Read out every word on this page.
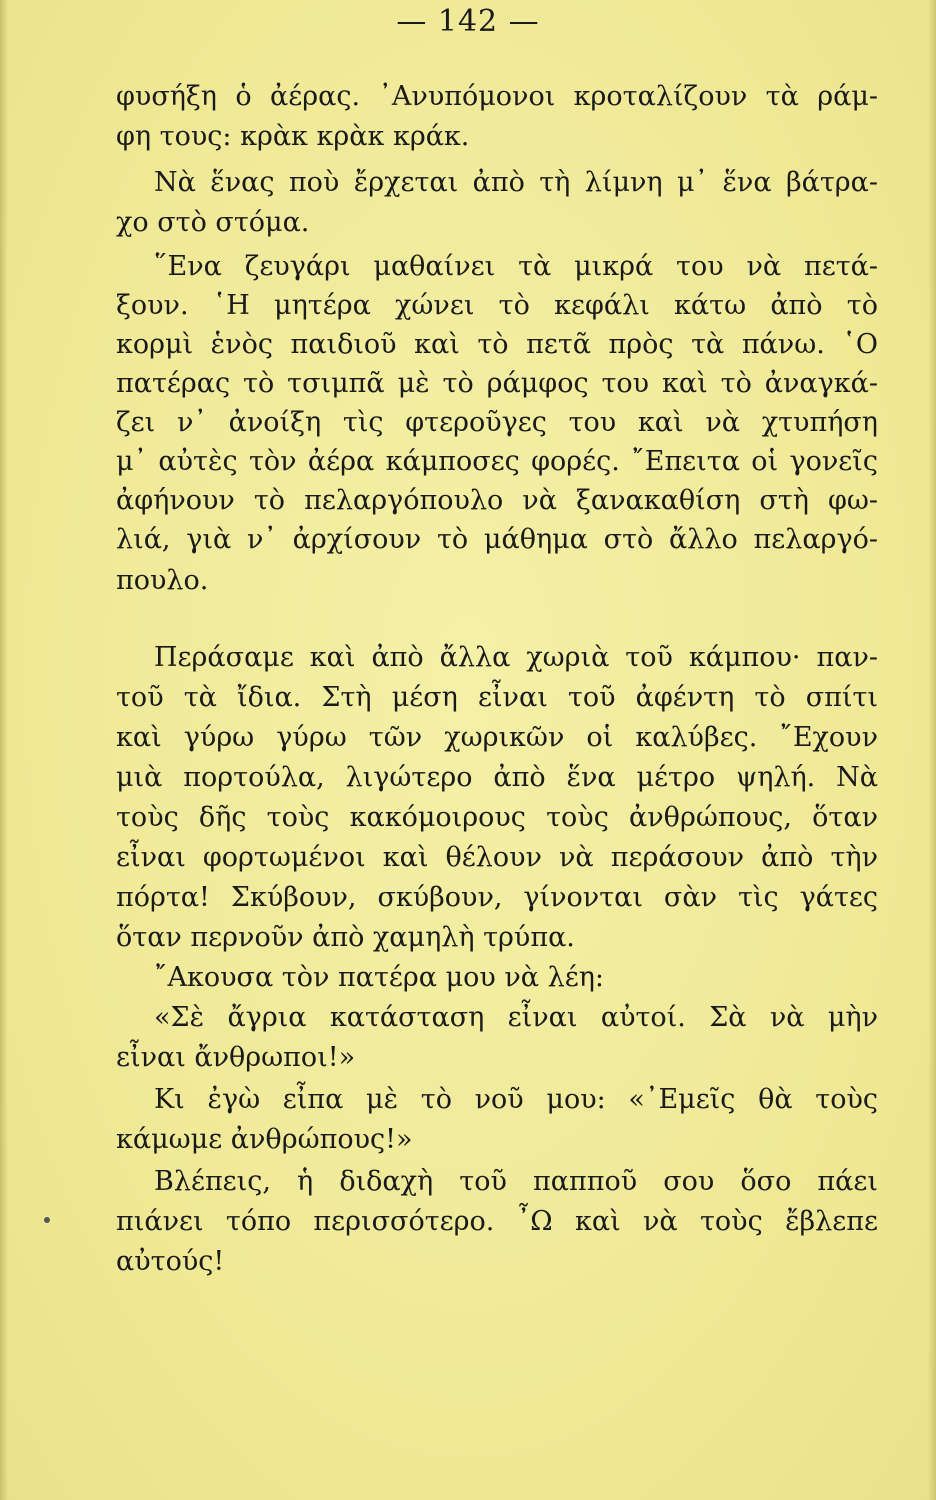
— 142 —
φυσήξη ὁ ἀέρας. ᾽Ανυπόμονοι κροταλίζουν τὰ ράμ-
φη τους: κρὰκ κρὰκ κράκ.
Νὰ ἕνας ποὺ ἔρχεται ἀπὸ τὴ λίμνη μ᾽ ἕνα βάτρα-
χο στὸ στόμα.
῞Ενα ζευγάρι μαθαίνει τὰ μικρά του νὰ πετά-
ξουν. ῾Η μητέρα χώνει τὸ κεφάλι κάτω ἀπὸ τὸ
κορμὶ ἑνὸς παιδιοῦ καὶ τὸ πετᾶ πρὸς τὰ πάνω. ῾Ο
πατέρας τὸ τσιμπᾶ μὲ τὸ ράμφος του καὶ τὸ ἀναγκά-
ζει ν᾽ ἀνοίξη τὶς φτεροῦγες του καὶ νὰ χτυπήση
μ᾽ αὐτὲς τὸν ἀέρα κάμποσες φορές. ῎Επειτα οἱ γονεῖς
ἀφήνουν τὸ πελαργόπουλο νὰ ξανακαθίση στὴ φω-
λιά, γιὰ ν᾽ ἀρχίσουν τὸ μάθημα στὸ ἄλλο πελαργό-
πουλο.
Περάσαμε καὶ ἀπὸ ἄλλα χωριὰ τοῦ κάμπου· παν-
τοῦ τὰ ἴδια. Στὴ μέση εἶναι τοῦ ἀφέντη τὸ σπίτι
καὶ γύρω γύρω τῶν χωρικῶν οἱ καλύβες. ῎Εχουν
μιὰ πορτούλα, λιγώτερο ἀπὸ ἕνα μέτρο ψηλή. Νὰ
τοὺς δῆς τοὺς κακόμοιρους τοὺς ἀνθρώπους, ὅταν
εἶναι φορτωμένοι καὶ θέλουν νὰ περάσουν ἀπὸ τὴν
πόρτα! Σκύβουν, σκύβουν, γίνονται σὰν τὶς γάτες
ὅταν περνοῦν ἀπὸ χαμηλὴ τρύπα.
῎Ακουσα τὸν πατέρα μου νὰ λέη:
«Σὲ ἄγρια κατάσταση εἶναι αὐτοί. Σὰ νὰ μὴν
εἶναι ἄνθρωποι!»
Κι ἐγὼ εἶπα μὲ τὸ νοῦ μου: «᾽Εμεῖς θὰ τοὺς
κάμωμε ἀνθρώπους!»
Βλέπεις, ἡ διδαχὴ τοῦ παπποῦ σου ὅσο πάει
πιάνει τόπο περισσότερο. ῏Ω καὶ νὰ τοὺς ἔβλεπε
αὐτούς!
